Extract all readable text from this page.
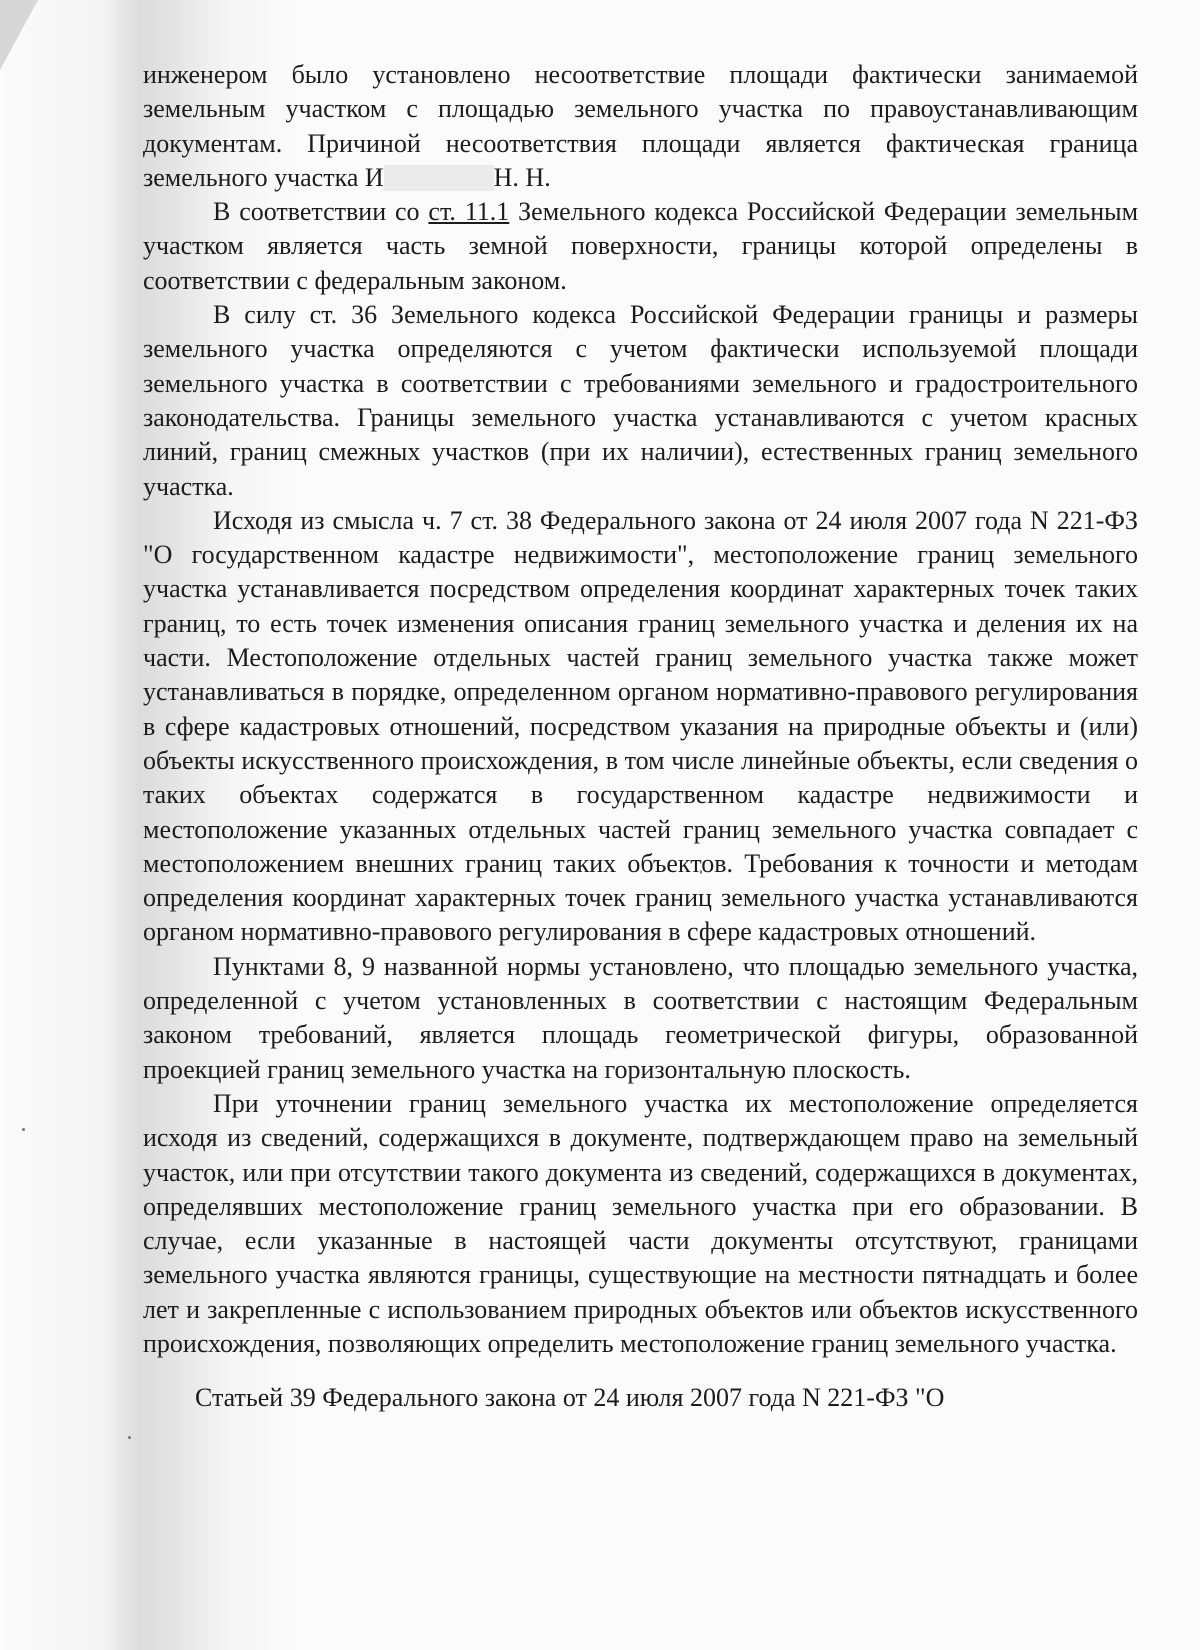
инженером было установлено несоответствие площади фактически занимаемой земельным участком с площадью земельного участка по правоустанавливающим документам. Причиной несоответствия площади является фактическая граница земельного участка И	Н. Н.

В соответствии со ст. 11.1 Земельного кодекса Российской Федерации земельным участком является часть земной поверхности, границы которой определены в соответствии с федеральным законом.

В силу ст. 36 Земельного кодекса Российской Федерации границы и размеры земельного участка определяются с учетом фактически используемой площади земельного участка в соответствии с требованиями земельного и градостроительного законодательства. Границы земельного участка устанавливаются с учетом красных линий, границ смежных участков (при их наличии), естественных границ земельного участка.

Исходя из смысла ч. 7 ст. 38 Федерального закона от 24 июля 2007 года N 221-ФЗ "О государственном кадастре недвижимости", местоположение границ земельного участка устанавливается посредством определения координат характерных точек таких границ, то есть точек изменения описания границ земельного участка и деления их на части. Местоположение отдельных частей границ земельного участка также может устанавливаться в порядке, определенном органом нормативно-правового регулирования в сфере кадастровых отношений, посредством указания на природные объекты и (или) объекты искусственного происхождения, в том числе линейные объекты, если сведения о таких объектах содержатся в государственном кадастре недвижимости и местоположение указанных отдельных частей границ земельного участка совпадает с местоположением внешних границ таких объектов. Требования к точности и методам определения координат характерных точек границ земельного участка устанавливаются органом нормативно-правового регулирования в сфере кадастровых отношений.

Пунктами 8, 9 названной нормы установлено, что площадью земельного участка, определенной с учетом установленных в соответствии с настоящим Федеральным законом требований, является площадь геометрической фигуры, образованной проекцией границ земельного участка на горизонтальную плоскость.

При уточнении границ земельного участка их местоположение определяется исходя из сведений, содержащихся в документе, подтверждающем право на земельный участок, или при отсутствии такого документа из сведений, содержащихся в документах, определявших местоположение границ земельного участка при его образовании. В случае, если указанные в настоящей части документы отсутствуют, границами земельного участка являются границы, существующие на местности пятнадцать и более лет и закрепленные с использованием природных объектов или объектов искусственного происхождения, позволяющих определить местоположение границ земельного участка.

Статьей 39 Федерального закона от 24 июля 2007 года N 221-ФЗ "О
